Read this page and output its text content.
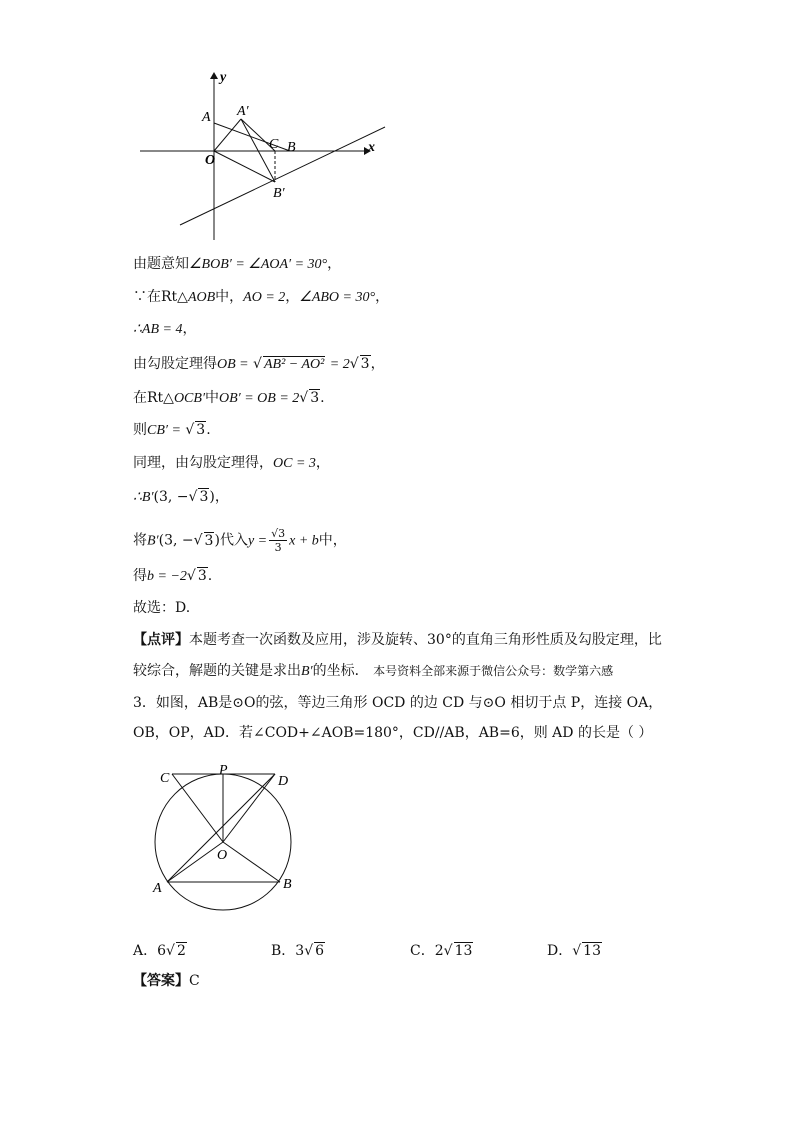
y
x
A A′
O
C B
B′
由题意知∠BOB′ = ∠AOA′ = 30°，
∵在Rt△AOB中，AO = 2，∠ABO = 30°，
∴AB = 4，
由勾股定理得OB = √ AB² − AO² = 2√ 3，
在Rt△OCB′中OB′ = OB = 2√ 3.
则CB′ = √ 3.
同理，由勾股定理得，OC = 3，
∴B′(3, −√ 3)，
将B′(3, −√ 3)代入$y = \frac{√3}{3}$ x + b中，
得b = −2√ 3.
故选：D.
【点评】本题考查一次函数及应用，涉及旋转、30°的直角三角形性质及勾股定理，比
较综合，解题的关键是求出B′的坐标． 本号资料全部来源于微信公众号：数学第六感
3．如图，AB是⊙O的弦，等边三角形 OCD 的边 CD 与⊙O 相切于点 P，连接 OA，
OB，OP，AD．若∠COD+∠AOB=180°，CD//AB，AB=6，则 AD 的长是（ ）
C
P
D
O
A	B
A．6√ 2	B．3√ 6	C．2√ 13	D．√ 13
【答案】C
